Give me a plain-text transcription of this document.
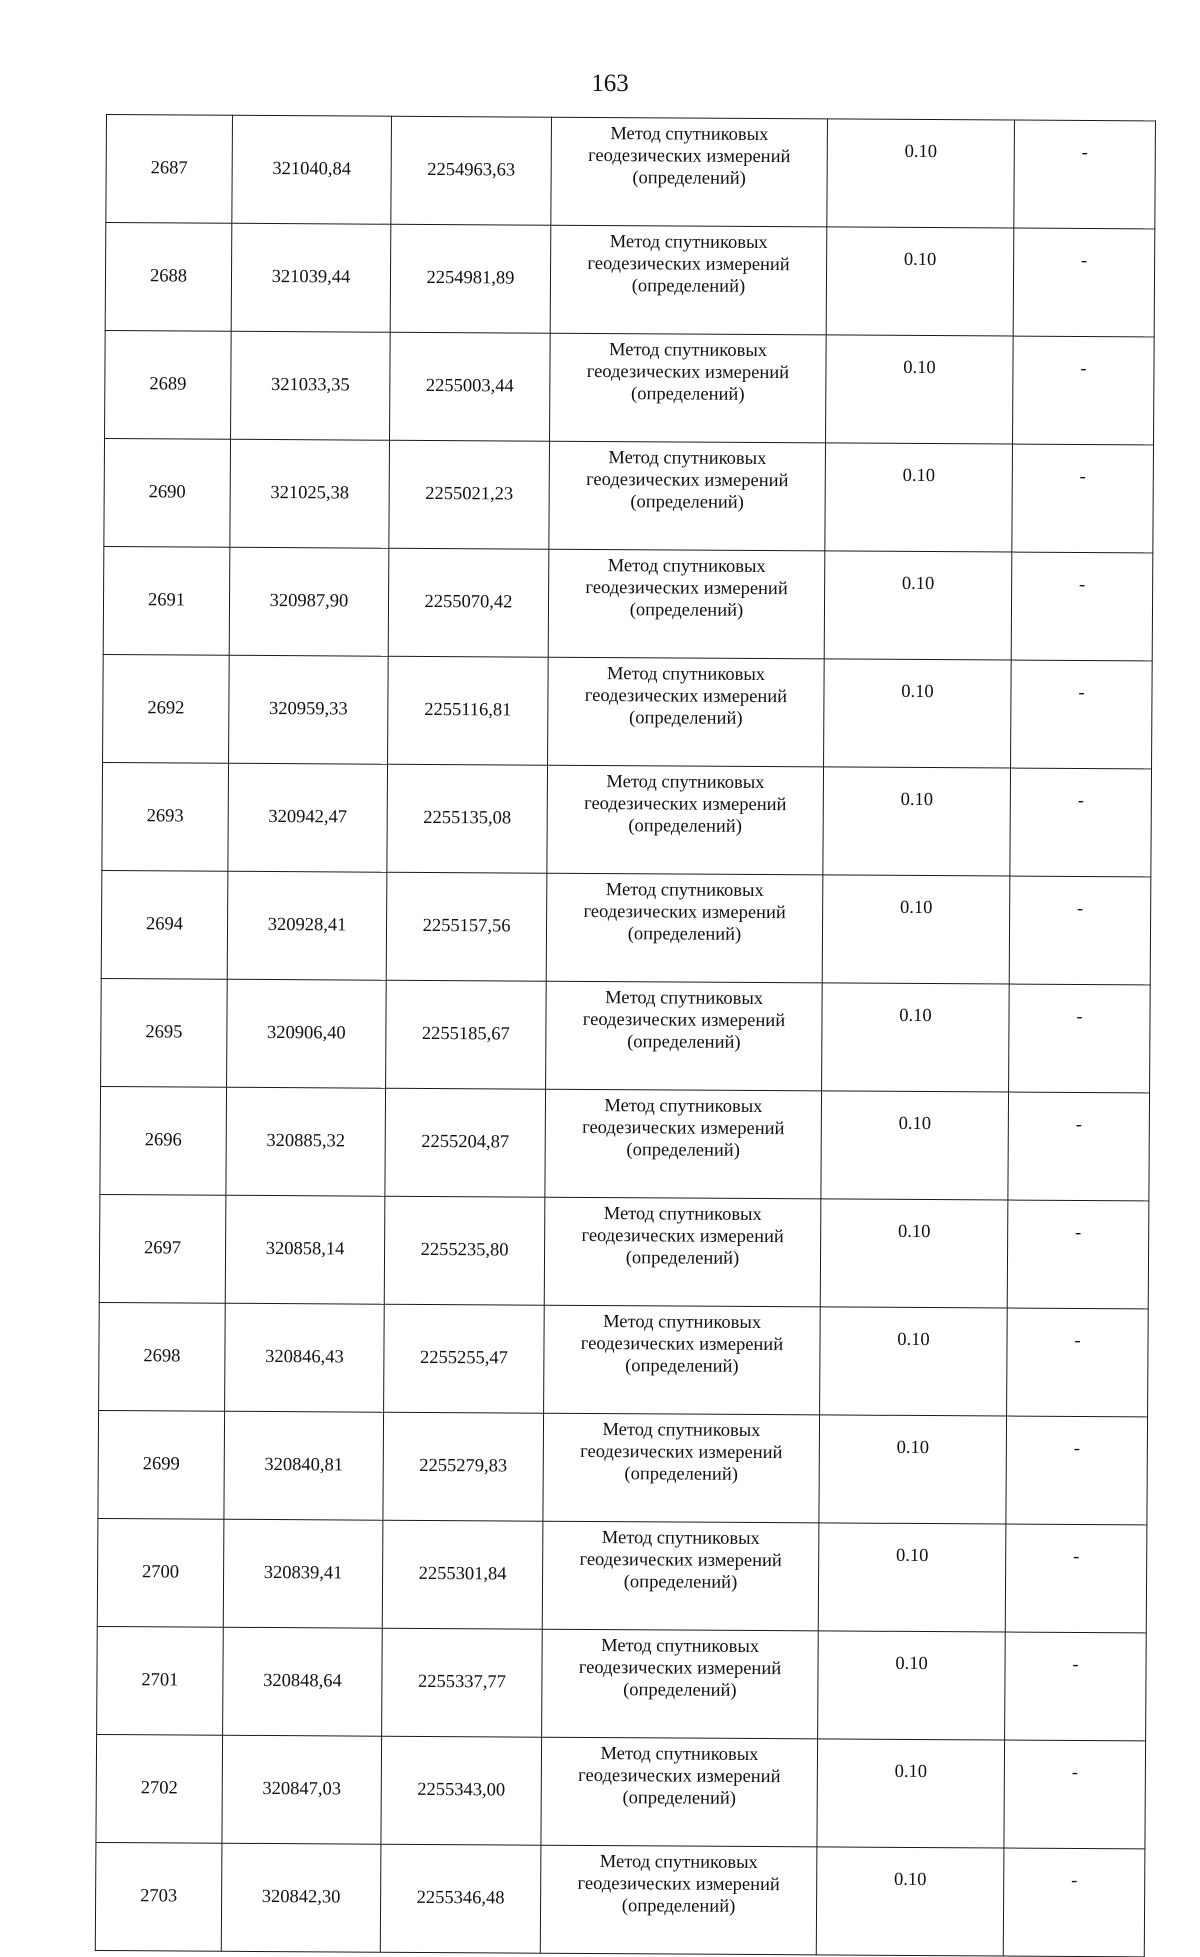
163
2687	321040,84	2254963,63	Метод спутниковых
геодезических измерений
(определений)	0.10	-
2688	321039,44	2254981,89	Метод спутниковых
геодезических измерений
(определений)	0.10	-
2689	321033,35	2255003,44	Метод спутниковых
геодезических измерений
(определений)	0.10	-
2690	321025,38	2255021,23	Метод спутниковых
геодезических измерений
(определений)	0.10	-
2691	320987,90	2255070,42	Метод спутниковых
геодезических измерений
(определений)	0.10	-
2692	320959,33	2255116,81	Метод спутниковых
геодезических измерений
(определений)	0.10	-
2693	320942,47	2255135,08	Метод спутниковых
геодезических измерений
(определений)	0.10	-
2694	320928,41	2255157,56	Метод спутниковых
геодезических измерений
(определений)	0.10	-
2695	320906,40	2255185,67	Метод спутниковых
геодезических измерений
(определений)	0.10	-
2696	320885,32	2255204,87	Метод спутниковых
геодезических измерений
(определений)	0.10	-
2697	320858,14	2255235,80	Метод спутниковых
геодезических измерений
(определений)	0.10	-
2698	320846,43	2255255,47	Метод спутниковых
геодезических измерений
(определений)	0.10	-
2699	320840,81	2255279,83	Метод спутниковых
геодезических измерений
(определений)	0.10	-
2700	320839,41	2255301,84	Метод спутниковых
геодезических измерений
(определений)	0.10	-
2701	320848,64	2255337,77	Метод спутниковых
геодезических измерений
(определений)	0.10	-
2702	320847,03	2255343,00	Метод спутниковых
геодезических измерений
(определений)	0.10	-
2703	320842,30	2255346,48	Метод спутниковых
геодезических измерений
(определений)	0.10	-
